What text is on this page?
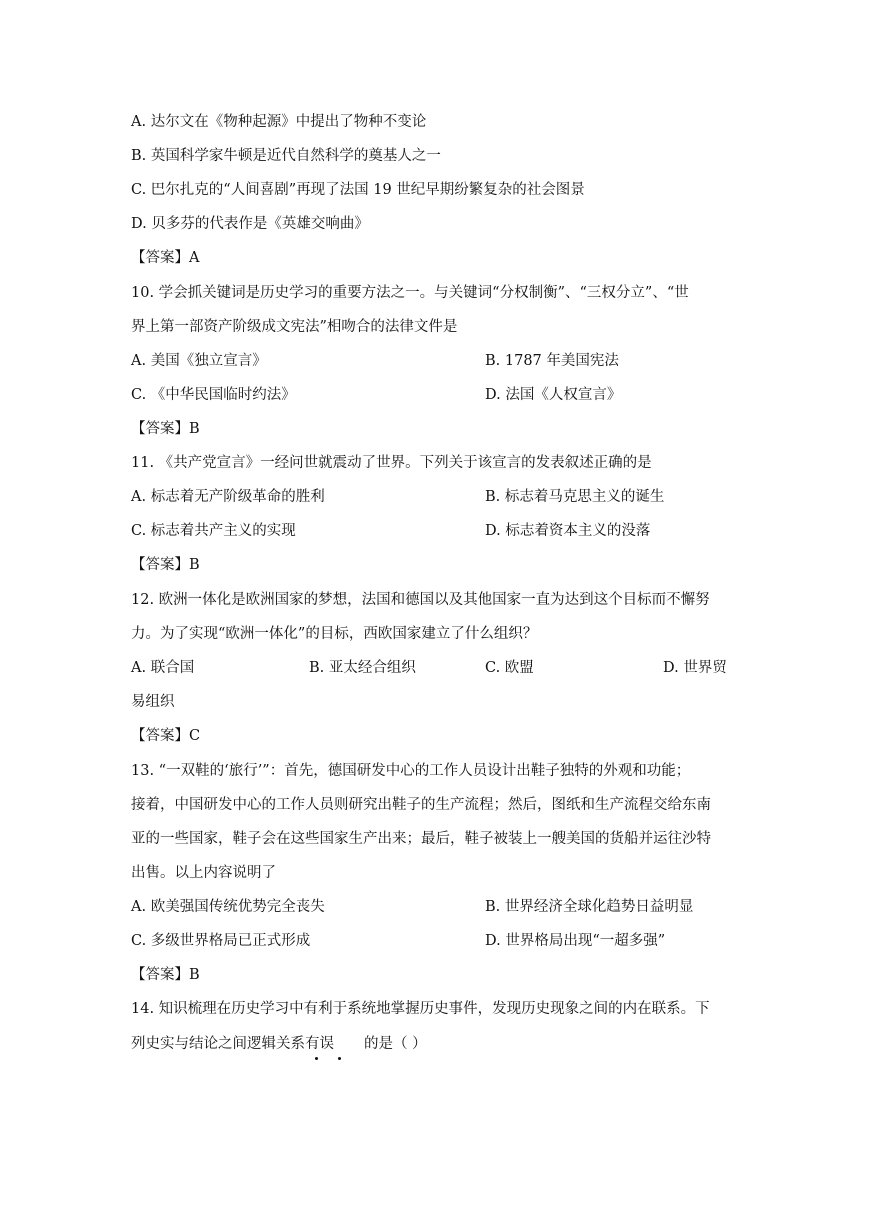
A. 达尔文在《物种起源》中提出了物种不变论
B. 英国科学家牛顿是近代自然科学的奠基人之一
C. 巴尔扎克的“人间喜剧”再现了法国 19 世纪早期纷繁复杂的社会图景
D. 贝多芬的代表作是《英雄交响曲》
【答案】A
10. 学会抓关键词是历史学习的重要方法之一。与关键词“分权制衡”、“三权分立”、“世
界上第一部资产阶级成文宪法”相吻合的法律文件是
A. 美国《独立宣言》	B. 1787 年美国宪法
C. 《中华民国临时约法》	D. 法国《人权宣言》
【答案】B
11. 《共产党宣言》一经问世就震动了世界。下列关于该宣言的发表叙述正确的是
A. 标志着无产阶级革命的胜利	B. 标志着马克思主义的诞生
C. 标志着共产主义的实现	D. 标志着资本主义的没落
【答案】B
12. 欧洲一体化是欧洲国家的梦想，法国和德国以及其他国家一直为达到这个目标而不懈努
力。为了实现“欧洲一体化”的目标，西欧国家建立了什么组织？
A. 联合国	B. 亚太经合组织	C. 欧盟	D. 世界贸
易组织
【答案】C
13. “一双鞋的‘旅行’”：首先，德国研发中心的工作人员设计出鞋子独特的外观和功能；
接着，中国研发中心的工作人员则研究出鞋子的生产流程；然后，图纸和生产流程交给东南
亚的一些国家，鞋子会在这些国家生产出来；最后，鞋子被装上一艘美国的货船并运往沙特
出售。以上内容说明了
A. 欧美强国传统优势完全丧失	B. 世界经济全球化趋势日益明显
C. 多级世界格局已正式形成	D. 世界格局出现“一超多强”
【答案】B
14. 知识梳理在历史学习中有利于系统地掌握历史事件，发现历史现象之间的内在联系。下
列史实与结论之间逻辑关系有误 的是（ ）
